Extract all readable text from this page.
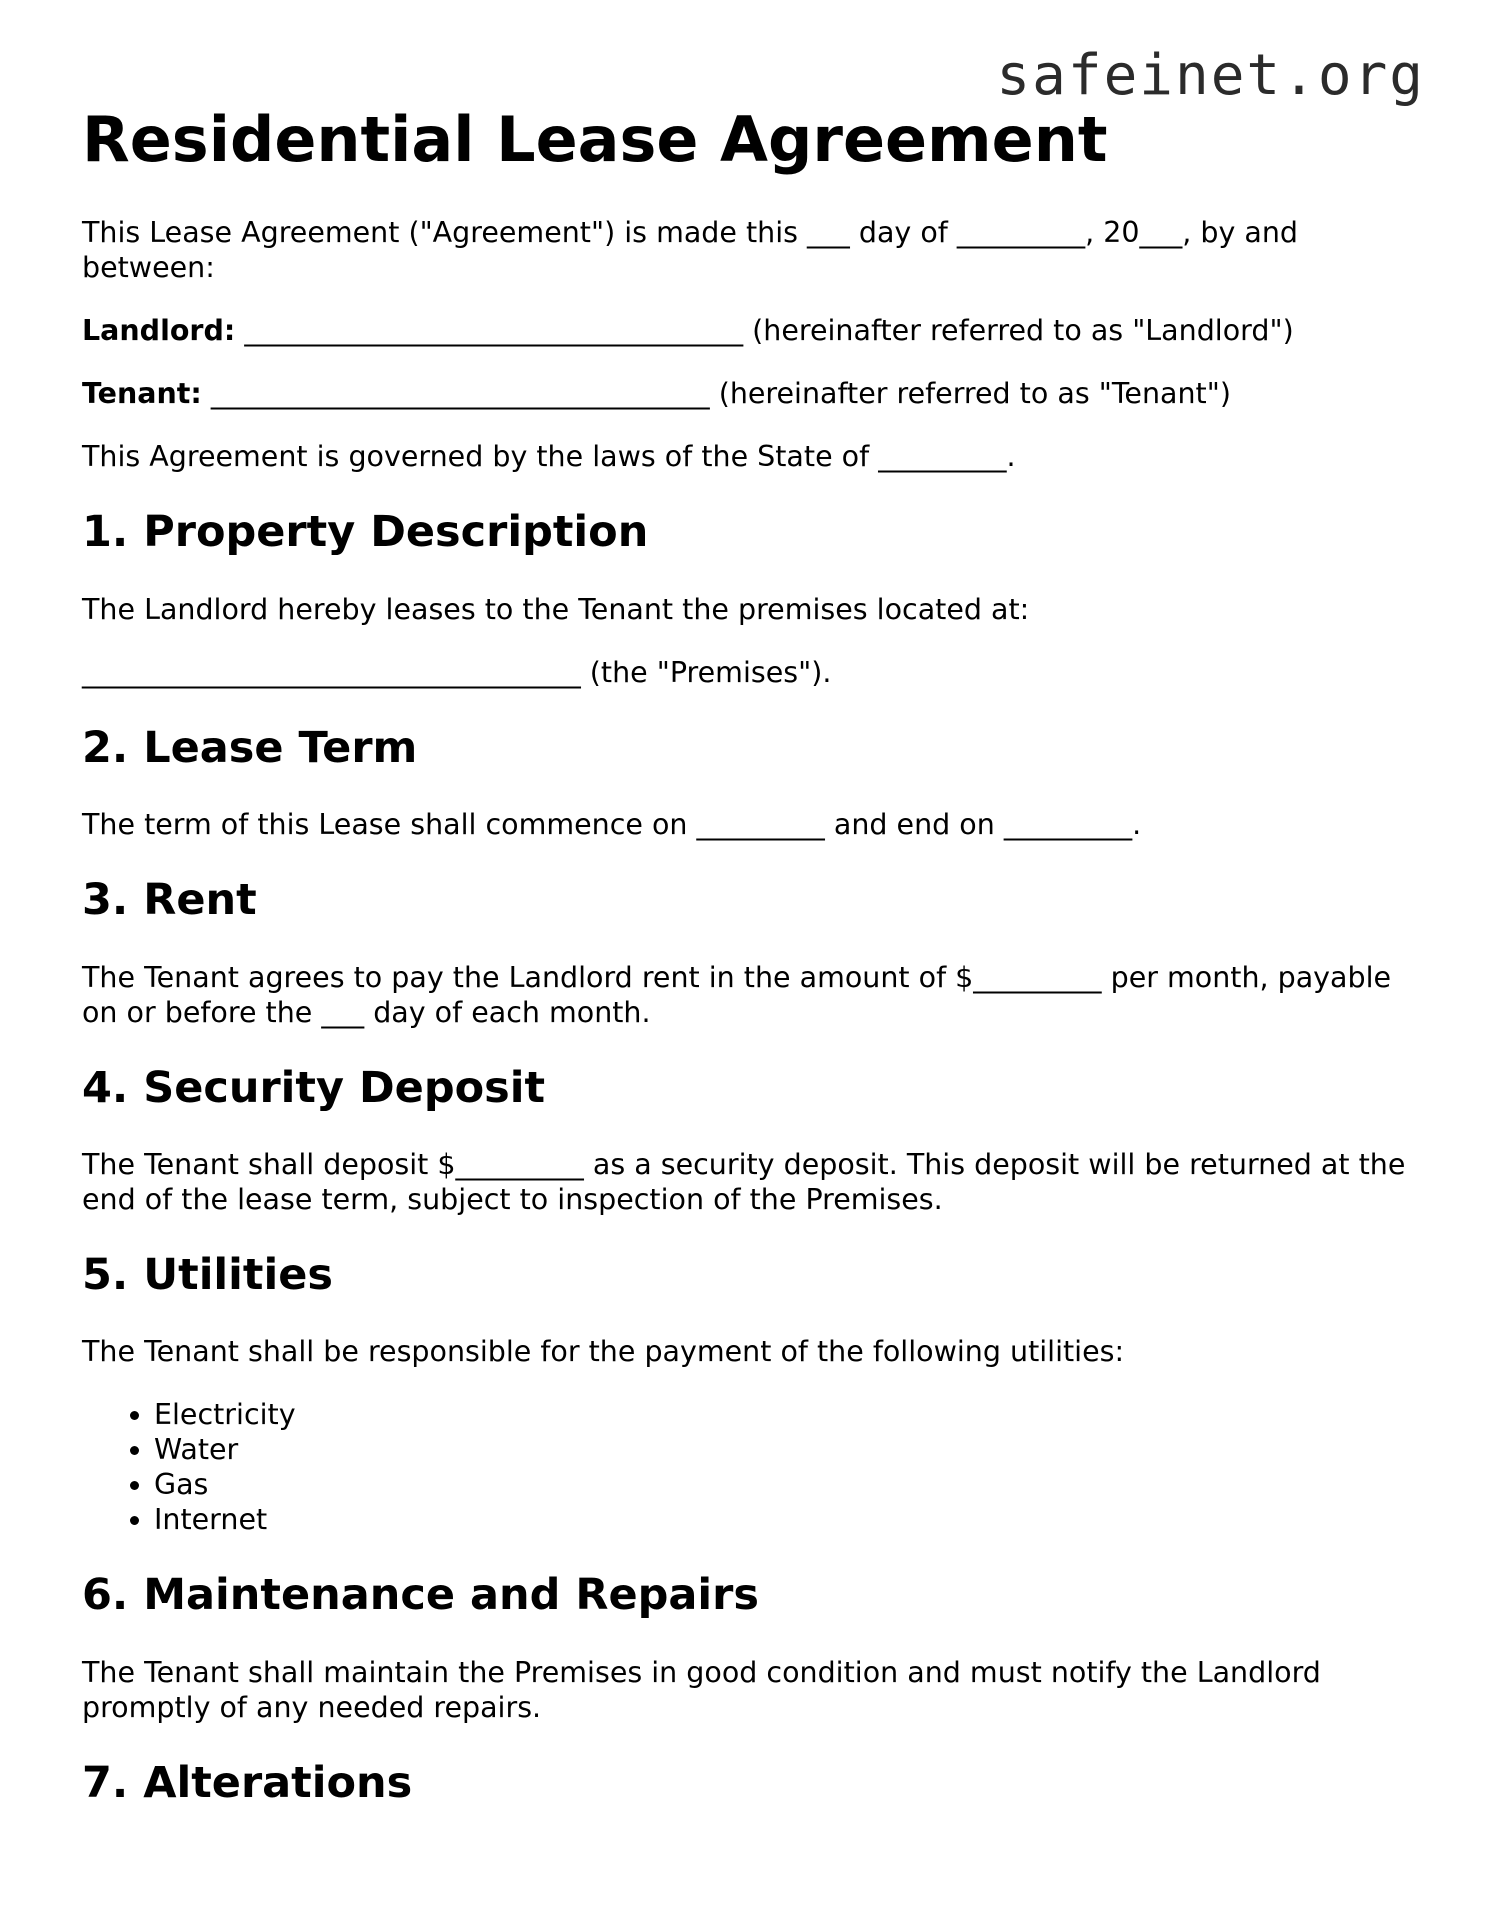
safeinet.org
Residential Lease Agreement

This Lease Agreement ("Agreement") is made this ___ day of _________, 20___, by and between:

Landlord: ___________________________________ (hereinafter referred to as "Landlord")

Tenant: ___________________________________ (hereinafter referred to as "Tenant")

This Agreement is governed by the laws of the State of _________.

1. Property Description

The Landlord hereby leases to the Tenant the premises located at:

___________________________________ (the "Premises").

2. Lease Term

The term of this Lease shall commence on _________ and end on _________.

3. Rent

The Tenant agrees to pay the Landlord rent in the amount of $_________ per month, payable on or before the ___ day of each month.

4. Security Deposit

The Tenant shall deposit $_________ as a security deposit. This deposit will be returned at the end of the lease term, subject to inspection of the Premises.

5. Utilities

The Tenant shall be responsible for the payment of the following utilities:

• Electricity
• Water
• Gas
• Internet
6. Maintenance and Repairs

The Tenant shall maintain the Premises in good condition and must notify the Landlord promptly of any needed repairs.

7. Alterations
